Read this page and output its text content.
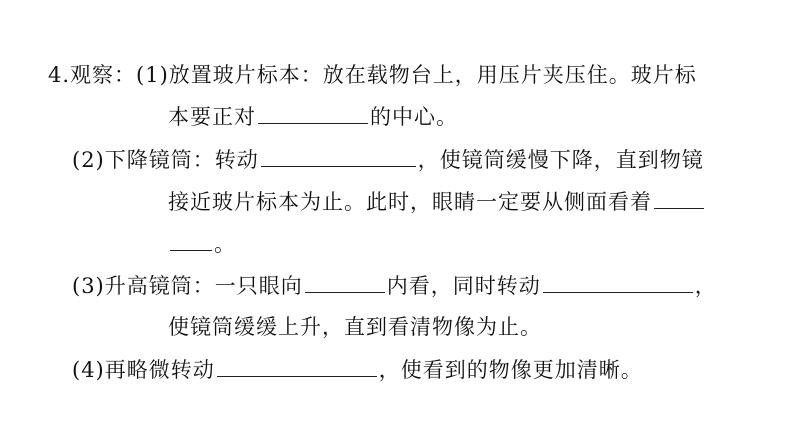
4.观察：(1)放置玻片标本：放在载物台上，用压片夹压住。玻片标
本要正对	的中心。
(2)下降镜筒：转动	，使镜筒缓慢下降，直到物镜
接近玻片标本为止。此时，眼睛一定要从侧面看着
。
(3)升高镜筒：一只眼向	内看，同时转动	，
使镜筒缓缓上升，直到看清物像为止。
(4)再略微转动	，使看到的物像更加清晰。
